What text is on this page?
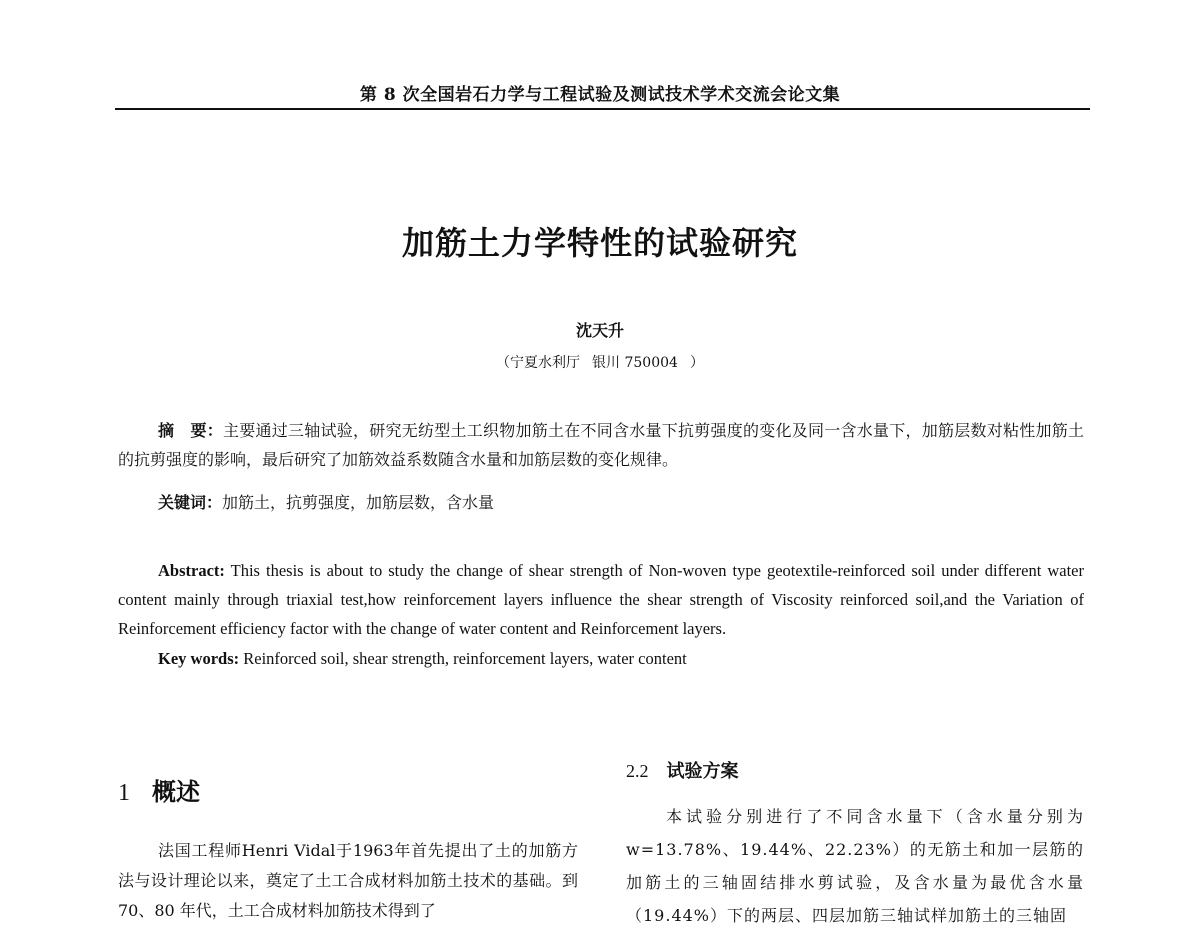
第 8 次全国岩石力学与工程试验及测试技术学术交流会论文集
加筋土力学特性的试验研究
沈天升
（宁夏水利厅 银川 750004 ）

摘　要：主要通过三轴试验，研究无纺型土工织物加筋土在不同含水量下抗剪强度的变化及同一含水量下，加筋层数对粘性加筋土的抗剪强度的影响，最后研究了加筋效益系数随含水量和加筋层数的变化规律。

关键词：加筋土，抗剪强度，加筋层数，含水量

Abstract: This thesis is about to study the change of shear strength of Non-woven type geotextile-reinforced soil under different water content mainly through triaxial test,how reinforcement layers influence the shear strength of Viscosity reinforced soil,and the Variation of Reinforcement efficiency factor with the change of water content and Reinforcement layers.

Key words: Reinforced soil, shear strength, reinforcement layers, water content

1 概述

法国工程师Henri Vidal于1963年首先提出了土的加筋方法与设计理论以来，奠定了土工合成材料加筋土技术的基础。到 70、80 年代，土工合成材料加筋技术得到了

2.2 试验方案

本试验分别进行了不同含水量下（含水量分别为w=13.78%、19.44%、22.23%）的无筋土和加一层筋的加筋土的三轴固结排水剪试验，及含水量为最优含水量（19.44%）下的两层、四层加筋三轴试样加筋土的三轴固
